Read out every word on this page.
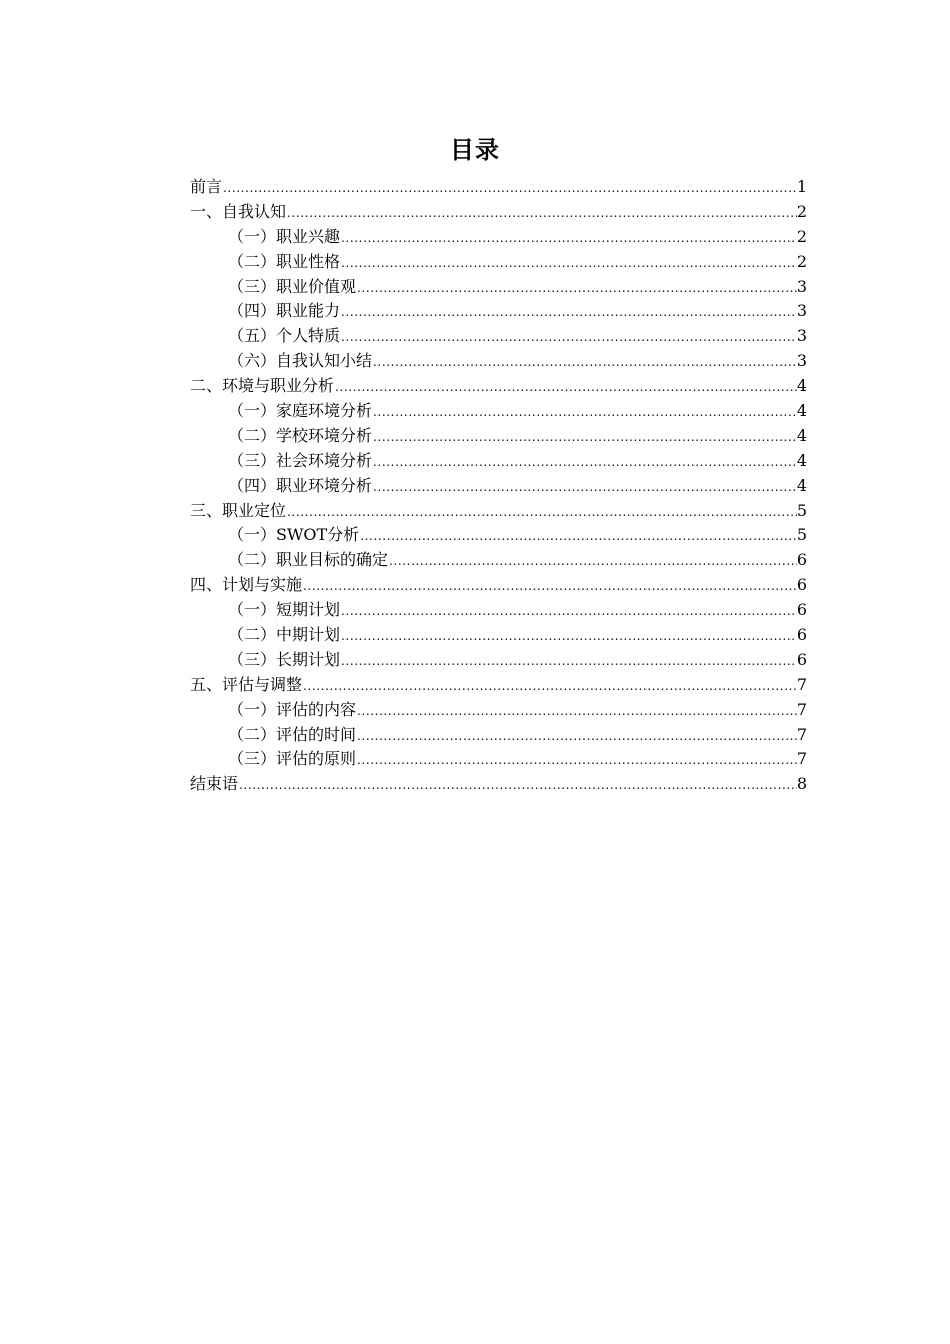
目录
前言 .....	1
一、自我认知 .....	2
（一）职业兴趣 .....	2
（二）职业性格 .....	2
（三）职业价值观 .....	3
（四）职业能力 .....	3
（五）个人特质 .....	3
（六）自我认知小结 .....	3
二、环境与职业分析 .....	4
（一）家庭环境分析 .....	4
（二）学校环境分析 .....	4
（三）社会环境分析 .....	4
（四）职业环境分析 .....	4
三、职业定位 .....	5
（一）SWOT分析 .....	5
（二）职业目标的确定 .....	6
四、计划与实施 .....	6
（一）短期计划 .....	6
（二）中期计划 .....	6
（三）长期计划 .....	6
五、评估与调整 .....	7
（一）评估的内容 .....	7
（二）评估的时间 .....	7
（三）评估的原则 .....	7
结束语 .....	8
